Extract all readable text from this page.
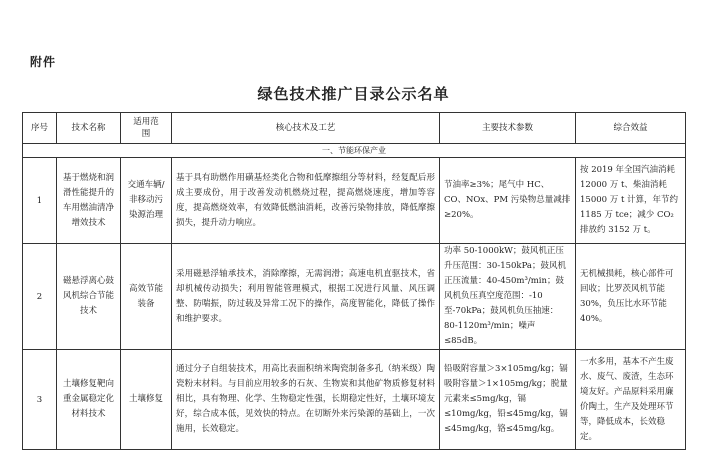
附件
绿色技术推广目录公示名单
序号	技术名称	适用范围	核心技术及工艺	主要技术参数	综合效益
一、节能环保产业					
1	基于燃烧和润滑性能提升的车用燃油清净增效技术	交通车辆/非移动污染源治理	基于具有助燃作用磺基烃类化合物和低摩擦组分等材料，经复配后形成主要成份，用于改善发动机燃烧过程，提高燃烧速度，增加等容度，提高燃烧效率，有效降低燃油消耗，改善污染物排放，降低摩擦损失，提升动力响应。	节油率≥3%；尾气中 HC、CO、NOx、PM 污染物总量减排≥20%。	按 2019 年全国汽油消耗 12000 万 t、柴油消耗 15000 万 t 计算，年节约 1185 万 tce；减少 CO₂ 排放约 3152 万 t。
2	磁悬浮离心鼓风机综合节能技术	高效节能装备	采用磁悬浮轴承技术，消除摩擦，无需润滑；高速电机直驱技术，省却机械传动损失；利用智能管理模式，根据工况进行风量、风压调整、防喘振，防过载及异常工况下的操作，高度智能化，降低了操作和维护要求。	功率 50-1000kW；鼓风机正压升压范围：30-150kPa；鼓风机正压流量：40-450m³/min；鼓风机负压真空度范围：-10 至-70kPa；鼓风机负压抽速：80-1120m³/min；噪声≤85dB。	无机械损耗，核心部件可回收；比罗茨风机节能 30%，负压比水环节能 40%。
3	土壤修复靶向重金属稳定化材料技术	土壤修复	通过分子自组装技术，用高比表面积纳米陶瓷制备多孔（纳米级）陶瓷粉末材料。与目前应用较多的石灰、生物炭和其他矿物质修复材料相比，具有物理、化学、生物稳定性强，长期稳定性好，土壤环境友好，综合成本低，见效快的特点。在切断外来污染源的基础上，一次施用，长效稳定。	铅吸附容量＞3×105mg/kg；镉吸附容量＞1×105mg/kg；脱量元素来≤5mg/kg，镉≤10mg/kg，铅≤45mg/kg，镉≤45mg/kg，铬≤45mg/kg。	一水多用，基本不产生废水、废气、废渣，生态环境友好。产品原料采用廉价陶土，生产及处理环节等，降低成本，长效稳定。
